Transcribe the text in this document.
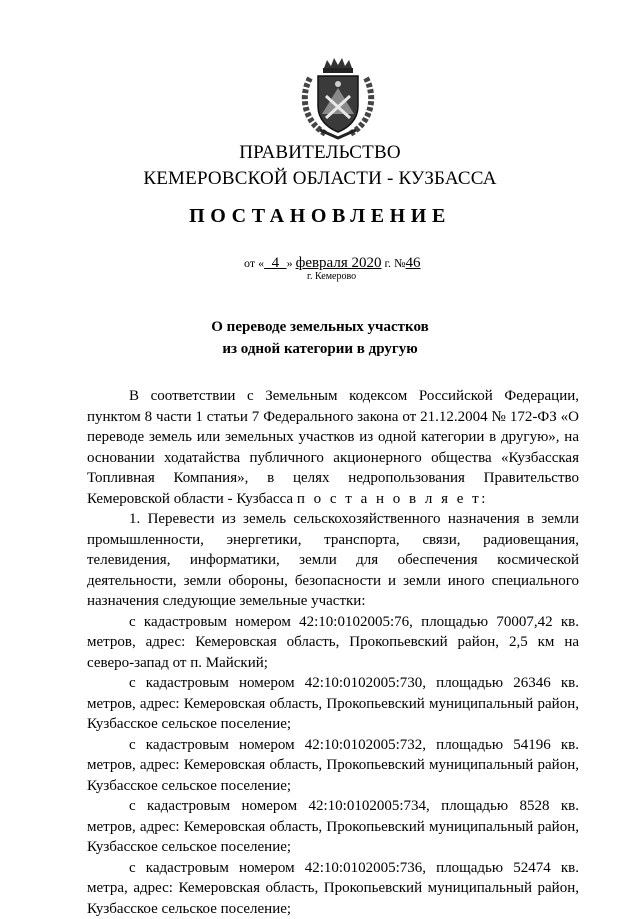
ПРАВИТЕЛЬСТВО
КЕМЕРОВСКОЙ ОБЛАСТИ - КУЗБАССА
ПОСТАНОВЛЕНИЕ
от « 4 » февраля 2020 г. №46
г. Кемерово
О переводе земельных участков
из одной категории в другую

В соответствии с Земельным кодексом Российской Федерации, пунктом 8 части 1 статьи 7 Федерального закона от 21.12.2004 № 172-ФЗ «О переводе земель или земельных участков из одной категории в другую», на основании ходатайства публичного акционерного общества «Кузбасская Топливная Компания», в целях недропользования Правительство Кемеровской области - Кузбасса п о с т а н о в л я е т:

1. Перевести из земель сельскохозяйственного назначения в земли промышленности, энергетики, транспорта, связи, радиовещания, телевидения, информатики, земли для обеспечения космической деятельности, земли обороны, безопасности и земли иного специального назначения следующие земельные участки:

с кадастровым номером 42:10:0102005:76, площадью 70007,42 кв. метров, адрес: Кемеровская область, Прокопьевский район, 2,5 км на северо-запад от п. Майский;

с кадастровым номером 42:10:0102005:730, площадью 26346 кв. метров, адрес: Кемеровская область, Прокопьевский муниципальный район, Кузбасское сельское поселение;

с кадастровым номером 42:10:0102005:732, площадью 54196 кв. метров, адрес: Кемеровская область, Прокопьевский муниципальный район, Кузбасское сельское поселение;

с кадастровым номером 42:10:0102005:734, площадью 8528 кв. метров, адрес: Кемеровская область, Прокопьевский муниципальный район, Кузбасское сельское поселение;

с кадастровым номером 42:10:0102005:736, площадью 52474 кв. метра, адрес: Кемеровская область, Прокопьевский муниципальный район, Кузбасское сельское поселение;
